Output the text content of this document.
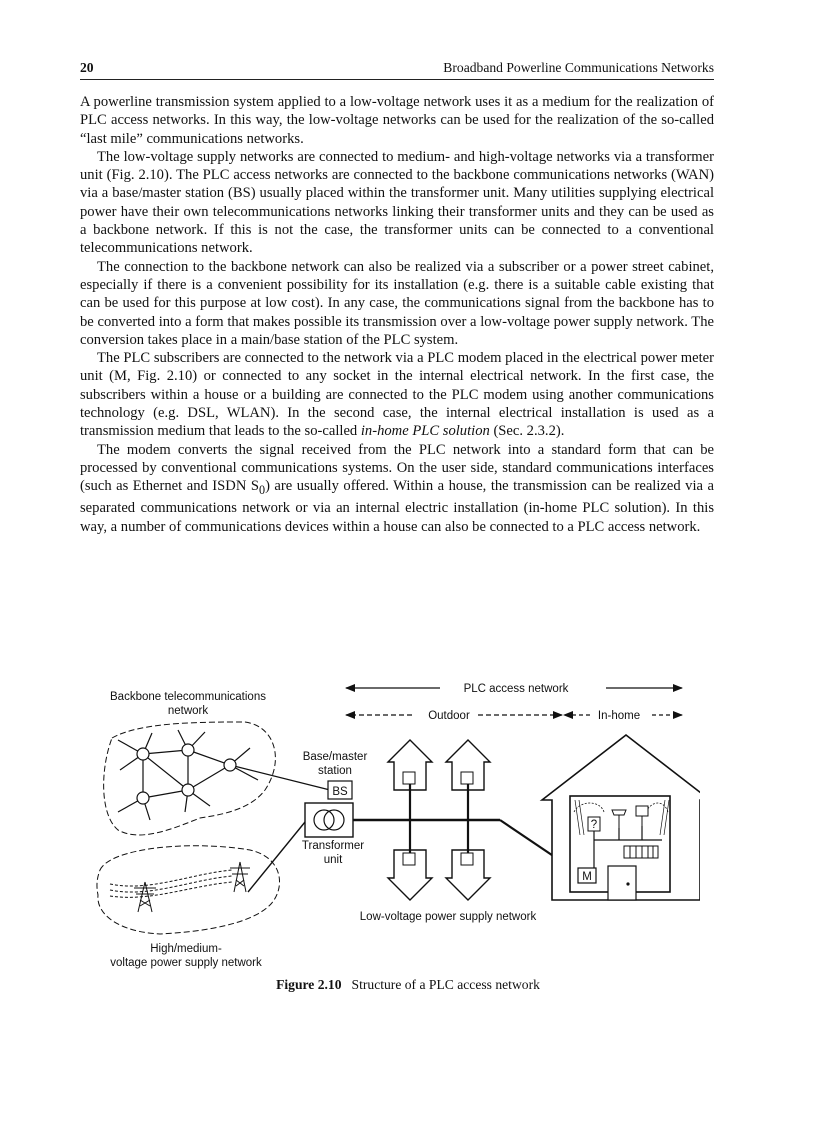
20	Broadband Powerline Communications Networks

A powerline transmission system applied to a low-voltage network uses it as a medium for the realization of PLC access networks. In this way, the low-voltage networks can be used for the realization of the so-called “last mile” communications networks.

The low-voltage supply networks are connected to medium- and high-voltage networks via a transformer unit (Fig. 2.10). The PLC access networks are connected to the backbone communications networks (WAN) via a base/master station (BS) usually placed within the transformer unit. Many utilities supplying electrical power have their own telecommunications networks linking their transformer units and they can be used as a backbone network. If this is not the case, the transformer units can be connected to a conventional telecommunications network.

The connection to the backbone network can also be realized via a subscriber or a power street cabinet, especially if there is a convenient possibility for its installation (e.g. there is a suitable cable existing that can be used for this purpose at low cost). In any case, the communications signal from the backbone has to be converted into a form that makes possible its transmission over a low-voltage power supply network. The conversion takes place in a main/base station of the PLC system.

The PLC subscribers are connected to the network via a PLC modem placed in the electrical power meter unit (M, Fig. 2.10) or connected to any socket in the internal electrical network. In the first case, the subscribers within a house or a building are connected to the PLC modem using another communications technology (e.g. DSL, WLAN). In the second case, the internal electrical installation is used as a transmission medium that leads to the so-called in-home PLC solution (Sec. 2.3.2).

The modem converts the signal received from the PLC network into a standard form that can be processed by conventional communications systems. On the user side, standard communications interfaces (such as Ethernet and ISDN $S_0$) are usually offered. Within a house, the transmission can be realized via a separated communications network or via an internal electric installation (in-home PLC solution). In this way, a number of communications devices within a house can also be connected to a PLC access network.

Backbone telecommunications
network
PLC access network
Outdoor	In-home
Base/master
station
BS
Transformer
unit
Low-voltage power supply network
?
M
High/medium-
voltage power supply network
Figure 2.10 Structure of a PLC access network
